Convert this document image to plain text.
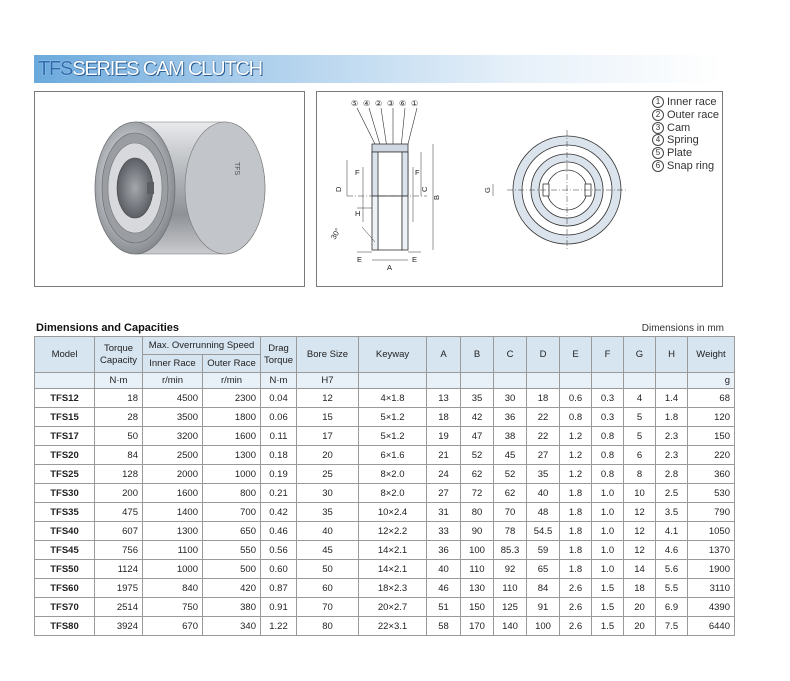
TFSSERIES CAM CLUTCH
TFS
⑤ ④ ② ③ ⑥ ①
D
F	F
C
B
H
30°
E	E
A
G
1 Inner race
2 Outer race
3 Cam
4 Spring
5 Plate
6 Snap ring
Dimensions and Capacities	Dimensions in mm
Model	Torque Capacity	Max. Overrunning Speed		Drag Torque	Bore Size	Keyway	A	B	C	D	E	F	G	H	Weight
		Inner Race	Outer Race												
	N·m	r/min	r/min	N·m	H7										g
TFS12	18	4500	2300	0.04	12	4×1.8	13	35	30	18	0.6	0.3	4	1.4	68
TFS15	28	3500	1800	0.06	15	5×1.2	18	42	36	22	0.8	0.3	5	1.8	120
TFS17	50	3200	1600	0.11	17	5×1.2	19	47	38	22	1.2	0.8	5	2.3	150
TFS20	84	2500	1300	0.18	20	6×1.6	21	52	45	27	1.2	0.8	6	2.3	220
TFS25	128	2000	1000	0.19	25	8×2.0	24	62	52	35	1.2	0.8	8	2.8	360
TFS30	200	1600	800	0.21	30	8×2.0	27	72	62	40	1.8	1.0	10	2.5	530
TFS35	475	1400	700	0.42	35	10×2.4	31	80	70	48	1.8	1.0	12	3.5	790
TFS40	607	1300	650	0.46	40	12×2.2	33	90	78	54.5	1.8	1.0	12	4.1	1050
TFS45	756	1100	550	0.56	45	14×2.1	36	100	85.3	59	1.8	1.0	12	4.6	1370
TFS50	1124	1000	500	0.60	50	14×2.1	40	110	92	65	1.8	1.0	14	5.6	1900
TFS60	1975	840	420	0.87	60	18×2.3	46	130	110	84	2.6	1.5	18	5.5	3110
TFS70	2514	750	380	0.91	70	20×2.7	51	150	125	91	2.6	1.5	20	6.9	4390
TFS80	3924	670	340	1.22	80	22×3.1	58	170	140	100	2.6	1.5	20	7.5	6440
